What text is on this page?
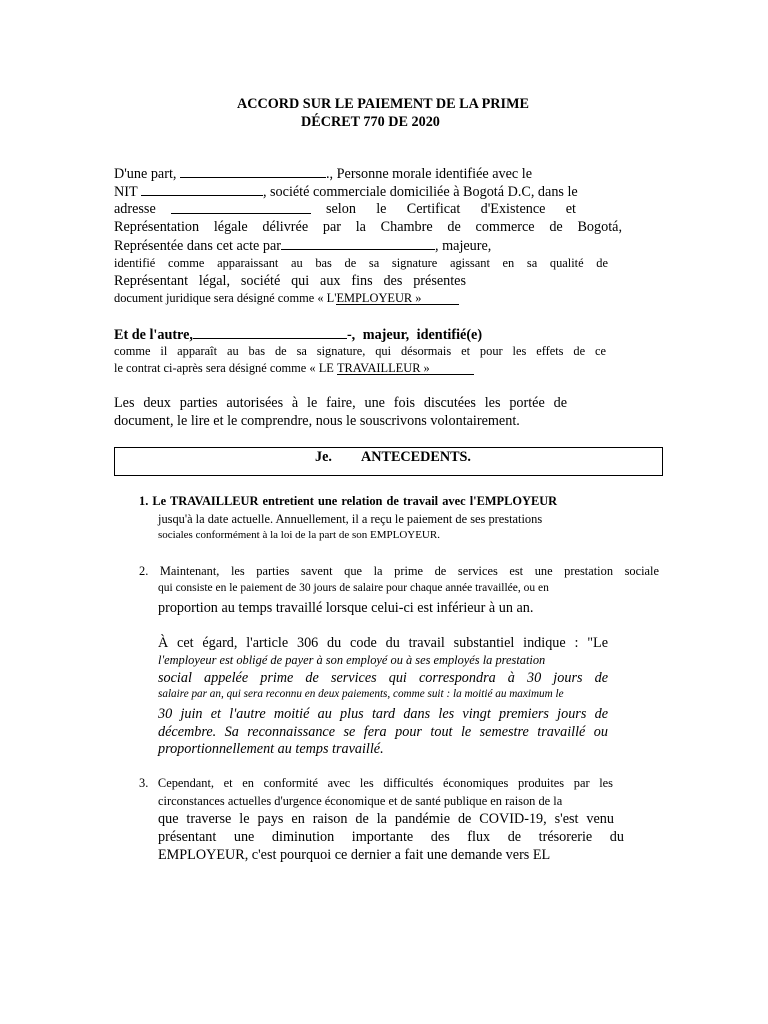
ACCORD SUR LE PAIEMENT DE LA PRIME
DÉCRET 770 DE 2020
D'une part,	., Personne morale identifiée avec le
NIT	, société commerciale domiciliée à Bogotá D.C, dans le
adresse	selon le Certificat d'Existence et
Représentation légale délivrée par la Chambre de commerce de Bogotá,
Représentée dans cet acte par	, majeure,
identifié comme apparaissant au bas de sa signature agissant en sa qualité de
Représentant légal, société qui aux fins des présentes
document juridique sera désigné comme « L'EMPLOYEUR »
Et de l'autre,	-, majeur, identifié(e)
comme il apparaît au bas de sa signature, qui désormais et pour les effets de ce
le contrat ci-après sera désigné comme « LE TRAVAILLEUR »
Les deux parties autorisées à le faire, une fois discutées les portée de
document, le lire et le comprendre, nous le souscrivons volontairement.
Je. ANTECEDENTS.
1. Le TRAVAILLEUR entretient une relation de travail avec l'EMPLOYEUR
jusqu'à la date actuelle. Annuellement, il a reçu le paiement de ses prestations
sociales conformément à la loi de la part de son EMPLOYEUR.
2. Maintenant, les parties savent que la prime de services est une prestation sociale
qui consiste en le paiement de 30 jours de salaire pour chaque année travaillée, ou en
proportion au temps travaillé lorsque celui-ci est inférieur à un an.
À cet égard, l'article 306 du code du travail substantiel indique : "Le
l'employeur est obligé de payer à son employé ou à ses employés la prestation
social appelée prime de services qui correspondra à 30 jours de
salaire par an, qui sera reconnu en deux paiements, comme suit : la moitié au maximum le
30 juin et l'autre moitié au plus tard dans les vingt premiers jours de
décembre. Sa reconnaissance se fera pour tout le semestre travaillé ou
proportionnellement au temps travaillé.
3. Cependant, et en conformité avec les difficultés économiques produites par les
circonstances actuelles d'urgence économique et de santé publique en raison de la
que traverse le pays en raison de la pandémie de COVID-19, s'est venu
présentant une diminution importante des flux de trésorerie du
EMPLOYEUR, c'est pourquoi ce dernier a fait une demande vers EL
